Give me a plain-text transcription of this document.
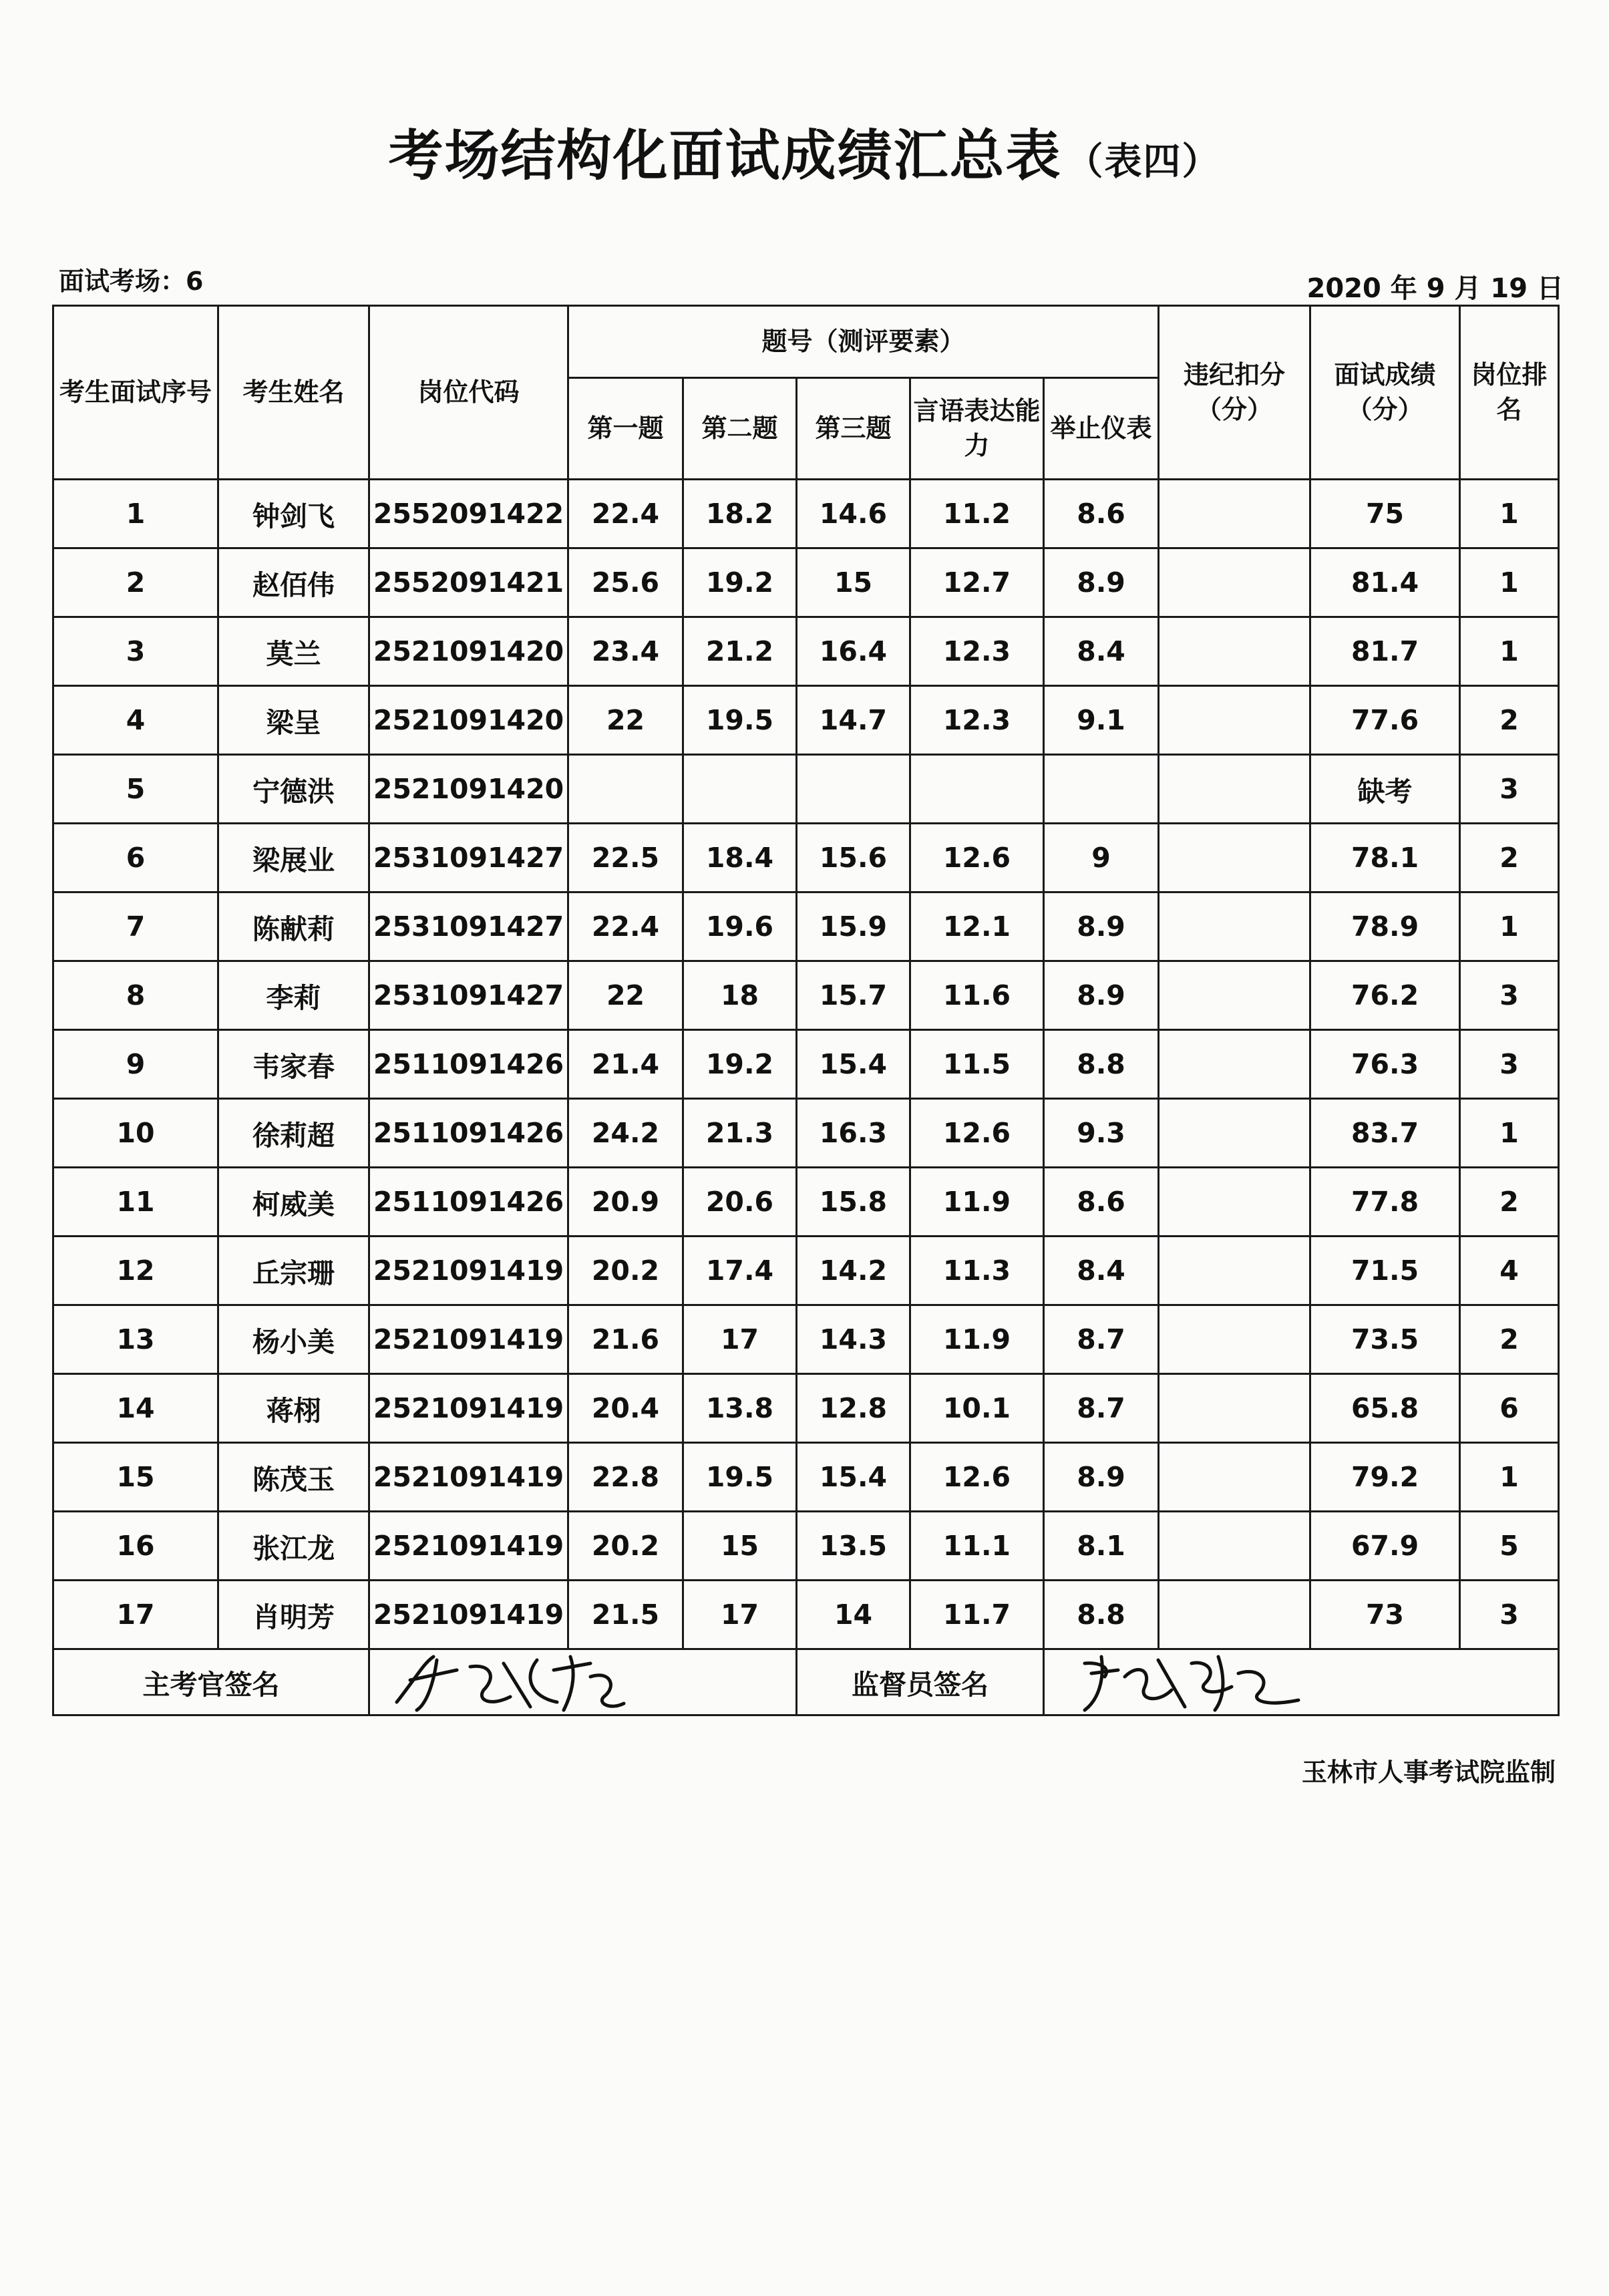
考场结构化面试成绩汇总表 （表四）
面试考场：6	2020 年 9 月 19 日
考生面试序号	考生姓名	岗位代码	题号（测评要素）					违纪扣分（分）	面试成绩（分）	岗位排名
			第一题	第二题	第三题	言语表达能力	举止仪表			
1	钟剑飞	2552091422	22.4	18.2	14.6	11.2	8.6		75	1
2	赵佰伟	2552091421	25.6	19.2	15	12.7	8.9		81.4	1
3	莫兰	2521091420	23.4	21.2	16.4	12.3	8.4		81.7	1
4	梁呈	2521091420	22	19.5	14.7	12.3	9.1		77.6	2
5	宁德洪	2521091420							缺考	3
6	梁展业	2531091427	22.5	18.4	15.6	12.6	9		78.1	2
7	陈献莉	2531091427	22.4	19.6	15.9	12.1	8.9		78.9	1
8	李莉	2531091427	22	18	15.7	11.6	8.9		76.2	3
9	韦家春	2511091426	21.4	19.2	15.4	11.5	8.8		76.3	3
10	徐莉超	2511091426	24.2	21.3	16.3	12.6	9.3		83.7	1
11	柯威美	2511091426	20.9	20.6	15.8	11.9	8.6		77.8	2
12	丘宗珊	2521091419	20.2	17.4	14.2	11.3	8.4		71.5	4
13	杨小美	2521091419	21.6	17	14.3	11.9	8.7		73.5	2
14	蒋栩	2521091419	20.4	13.8	12.8	10.1	8.7		65.8	6
15	陈茂玉	2521091419	22.8	19.5	15.4	12.6	8.9		79.2	1
16	张江龙	2521091419	20.2	15	13.5	11.1	8.1		67.9	5
17	肖明芳	2521091419	21.5	17	14	11.7	8.8		73	3
主考官签名					监督员签名	
玉林市人事考试院监制
